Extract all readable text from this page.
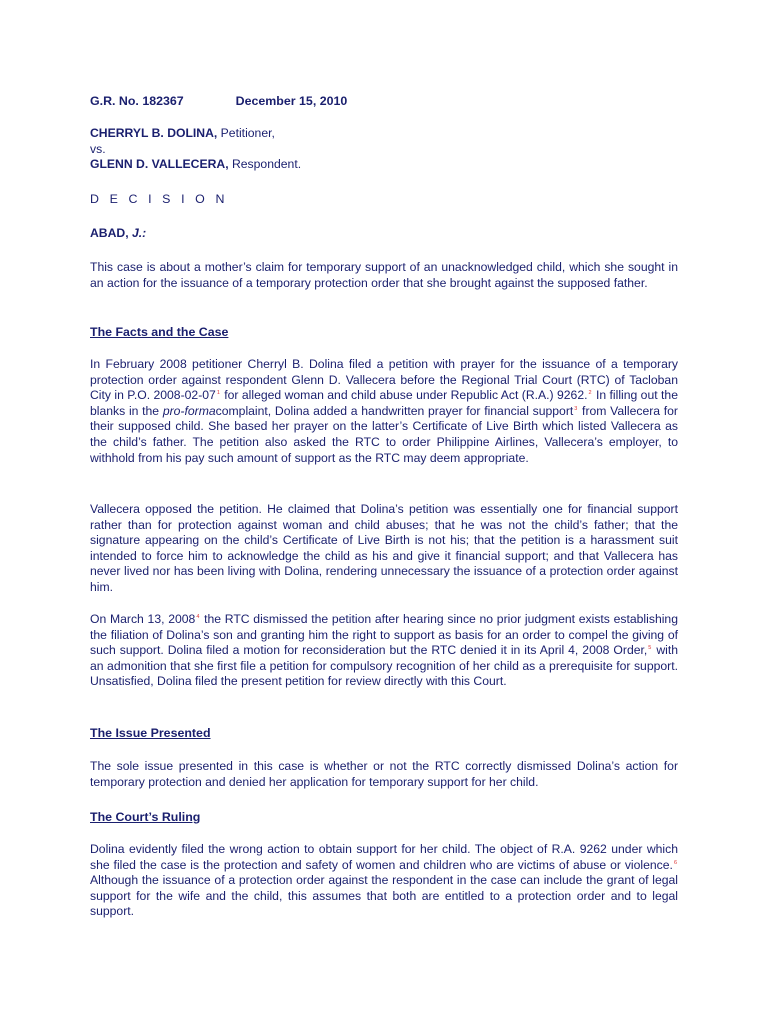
G.R. No. 182367	December 15, 2010
CHERRYL B. DOLINA, Petitioner,
vs.
GLENN D. VALLECERA, Respondent.
D E C I S I O N
ABAD, J.:
This case is about a mother’s claim for temporary support of an unacknowledged child, which she sought in an action for the issuance of a temporary protection order that she brought against the supposed father.
The Facts and the Case
In February 2008 petitioner Cherryl B. Dolina filed a petition with prayer for the issuance of a temporary protection order against respondent Glenn D. Vallecera before the Regional Trial Court (RTC) of Tacloban City in P.O. 2008-02-07$^1$ for alleged woman and child abuse under Republic Act (R.A.) 9262.$^2$ In filling out the blanks in the pro-formacomplaint, Dolina added a handwritten prayer for financial support$^3$ from Vallecera for their supposed child. She based her prayer on the latter’s Certificate of Live Birth which listed Vallecera as the child’s father. The petition also asked the RTC to order Philippine Airlines, Vallecera’s employer, to withhold from his pay such amount of support as the RTC may deem appropriate.
Vallecera opposed the petition. He claimed that Dolina’s petition was essentially one for financial support rather than for protection against woman and child abuses; that he was not the child’s father; that the signature appearing on the child’s Certificate of Live Birth is not his; that the petition is a harassment suit intended to force him to acknowledge the child as his and give it financial support; and that Vallecera has never lived nor has been living with Dolina, rendering unnecessary the issuance of a protection order against him.
On March 13, 2008$^4$ the RTC dismissed the petition after hearing since no prior judgment exists establishing the filiation of Dolina’s son and granting him the right to support as basis for an order to compel the giving of such support. Dolina filed a motion for reconsideration but the RTC denied it in its April 4, 2008 Order,$^5$ with an admonition that she first file a petition for compulsory recognition of her child as a prerequisite for support. Unsatisfied, Dolina filed the present petition for review directly with this Court.
The Issue Presented
The sole issue presented in this case is whether or not the RTC correctly dismissed Dolina’s action for temporary protection and denied her application for temporary support for her child.
The Court’s Ruling
Dolina evidently filed the wrong action to obtain support for her child. The object of R.A. 9262 under which she filed the case is the protection and safety of women and children who are victims of abuse or violence.$^6$ Although the issuance of a protection order against the respondent in the case can include the grant of legal support for the wife and the child, this assumes that both are entitled to a protection order and to legal support.
